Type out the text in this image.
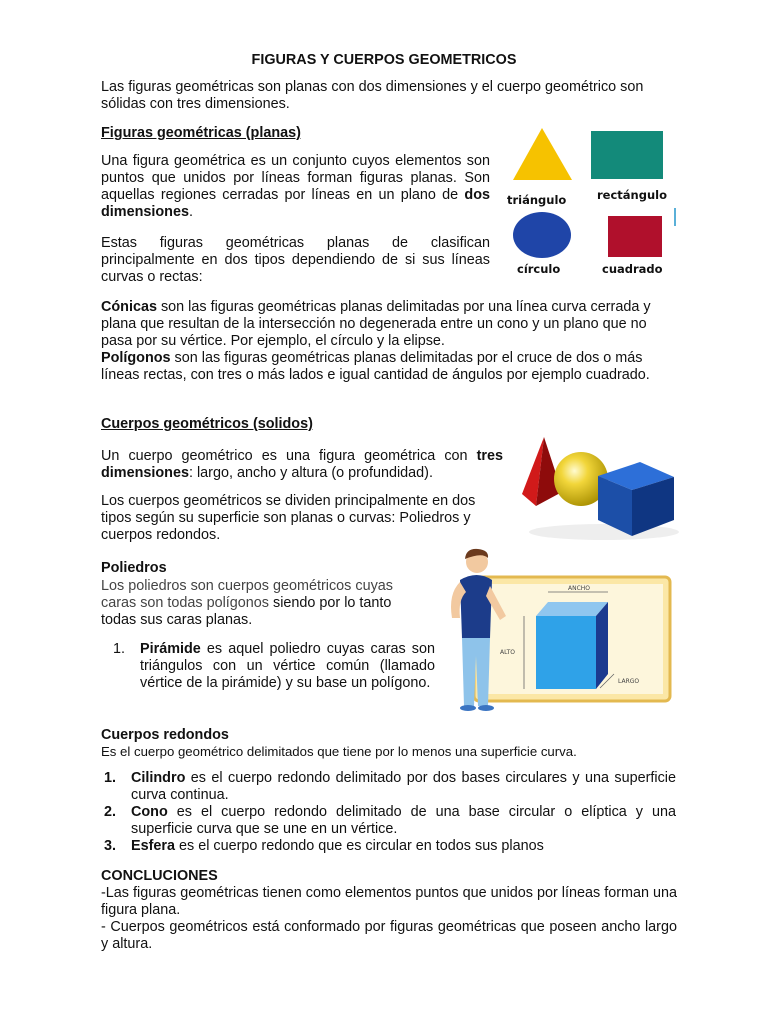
FIGURAS Y CUERPOS GEOMETRICOS

Las figuras geométricas son planas con dos dimensiones y el cuerpo geométrico son sólidas con tres dimensiones.

Figuras geométricas (planas)

Una figura geométrica es un conjunto cuyos elementos son puntos que unidos por líneas forman figuras planas. Son aquellas regiones cerradas por líneas en un plano de dos dimensiones.

Estas figuras geométricas planas de clasifican principalmente en dos tipos dependiendo de si sus líneas curvas o rectas:

triángulo	rectángulo
círculo	cuadrado

Cónicas son las figuras geométricas planas delimitadas por una línea curva cerrada y plana que resultan de la intersección no degenerada entre un cono y un plano que no pasa por su vértice. Por ejemplo, el círculo y la elipse.

Polígonos son las figuras geométricas planas delimitadas por el cruce de dos o más líneas rectas, con tres o más lados e igual cantidad de ángulos por ejemplo cuadrado.

Cuerpos geométricos (solidos)

Un cuerpo geométrico es una figura geométrica con tres dimensiones: largo, ancho y altura (o profundidad).

Los cuerpos geométricos se dividen principalmente en dos tipos según su superficie son planas o curvas: Poliedros y cuerpos redondos.

Poliedros

Los poliedros son cuerpos geométricos cuyas caras son todas polígonos siendo por lo tanto todas sus caras planas.

1. Pirámide es aquel poliedro cuyas caras son triángulos con un vértice común (llamado vértice de la pirámide) y su base un polígono.
ANCHO
ALTO
LARGO
Cuerpos redondos

Es el cuerpo geométrico delimitados que tiene por lo menos una superficie curva.

1. Cilindro es el cuerpo redondo delimitado por dos bases circulares y una superficie curva continua.
2. Cono es el cuerpo redondo delimitado de una base circular o elíptica y una superficie curva que se une en un vértice.
3. Esfera es el cuerpo redondo que es circular en todos sus planos
CONCLUCIONES

-Las figuras geométricas tienen como elementos puntos que unidos por líneas forman una figura plana.

- Cuerpos geométricos está conformado por figuras geométricas que poseen ancho largo y altura.
